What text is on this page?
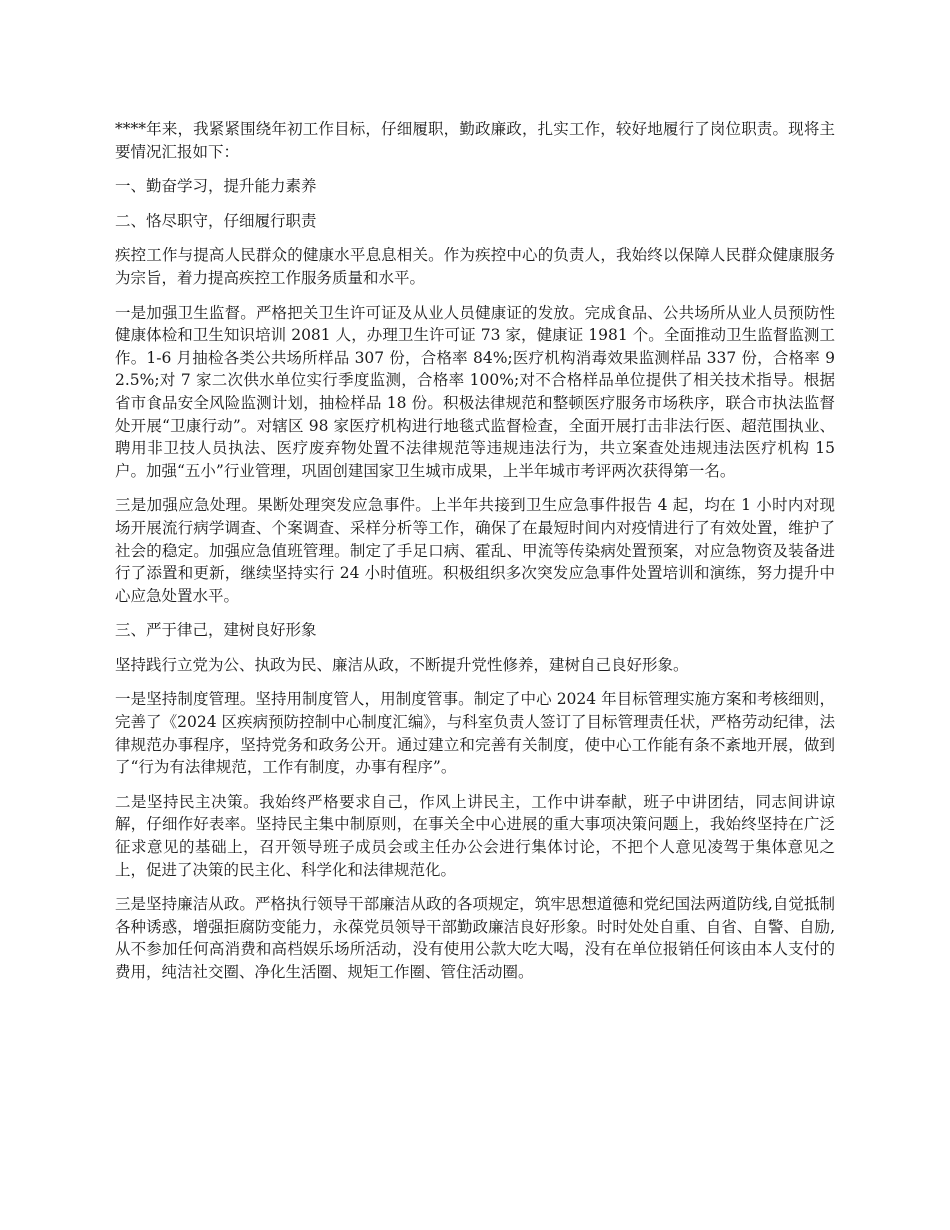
****年来，我紧紧围绕年初工作目标，仔细履职，勤政廉政，扎实工作，较好地履行了岗位职责。现将主要情况汇报如下：

一、勤奋学习，提升能力素养

二、恪尽职守，仔细履行职责

疾控工作与提高人民群众的健康水平息息相关。作为疾控中心的负责人，我始终以保障人民群众健康服务为宗旨，着力提高疾控工作服务质量和水平。

一是加强卫生监督。严格把关卫生许可证及从业人员健康证的发放。完成食品、公共场所从业人员预防性健康体检和卫生知识培训 2081 人，办理卫生许可证 73 家，健康证 1981 个。全面推动卫生监督监测工作。1-6 月抽检各类公共场所样品 307 份，合格率 84%;医疗机构消毒效果监测样品 337 份，合格率 92.5%;对 7 家二次供水单位实行季度监测，合格率 100%;对不合格样品单位提供了相关技术指导。根据省市食品安全风险监测计划，抽检样品 18 份。积极法律规范和整顿医疗服务市场秩序，联合市执法监督处开展“卫康行动”。对辖区 98 家医疗机构进行地毯式监督检查，全面开展打击非法行医、超范围执业、聘用非卫技人员执法、医疗废弃物处置不法律规范等违规违法行为，共立案查处违规违法医疗机构 15 户。加强“五小”行业管理，巩固创建国家卫生城市成果，上半年城市考评两次获得第一名。

三是加强应急处理。果断处理突发应急事件。上半年共接到卫生应急事件报告 4 起，均在 1 小时内对现场开展流行病学调查、个案调查、采样分析等工作，确保了在最短时间内对疫情进行了有效处置，维护了社会的稳定。加强应急值班管理。制定了手足口病、霍乱、甲流等传染病处置预案，对应急物资及装备进行了添置和更新，继续坚持实行 24 小时值班。积极组织多次突发应急事件处置培训和演练，努力提升中心应急处置水平。

三、严于律己，建树良好形象

坚持践行立党为公、执政为民、廉洁从政，不断提升党性修养，建树自己良好形象。

一是坚持制度管理。坚持用制度管人，用制度管事。制定了中心 2024 年目标管理实施方案和考核细则，完善了《2024 区疾病预防控制中心制度汇编》，与科室负责人签订了目标管理责任状，严格劳动纪律，法律规范办事程序，坚持党务和政务公开。通过建立和完善有关制度，使中心工作能有条不紊地开展，做到了“行为有法律规范，工作有制度，办事有程序”。

二是坚持民主决策。我始终严格要求自己，作风上讲民主，工作中讲奉献，班子中讲团结，同志间讲谅解，仔细作好表率。坚持民主集中制原则，在事关全中心进展的重大事项决策问题上，我始终坚持在广泛征求意见的基础上，召开领导班子成员会或主任办公会进行集体讨论，不把个人意见凌驾于集体意见之上，促进了决策的民主化、科学化和法律规范化。

三是坚持廉洁从政。严格执行领导干部廉洁从政的各项规定，筑牢思想道德和党纪国法两道防线,自觉抵制各种诱惑，增强拒腐防变能力，永葆党员领导干部勤政廉洁良好形象。时时处处自重、自省、自警、自励,从不参加任何高消费和高档娱乐场所活动，没有使用公款大吃大喝，没有在单位报销任何该由本人支付的费用，纯洁社交圈、净化生活圈、规矩工作圈、管住活动圈。
